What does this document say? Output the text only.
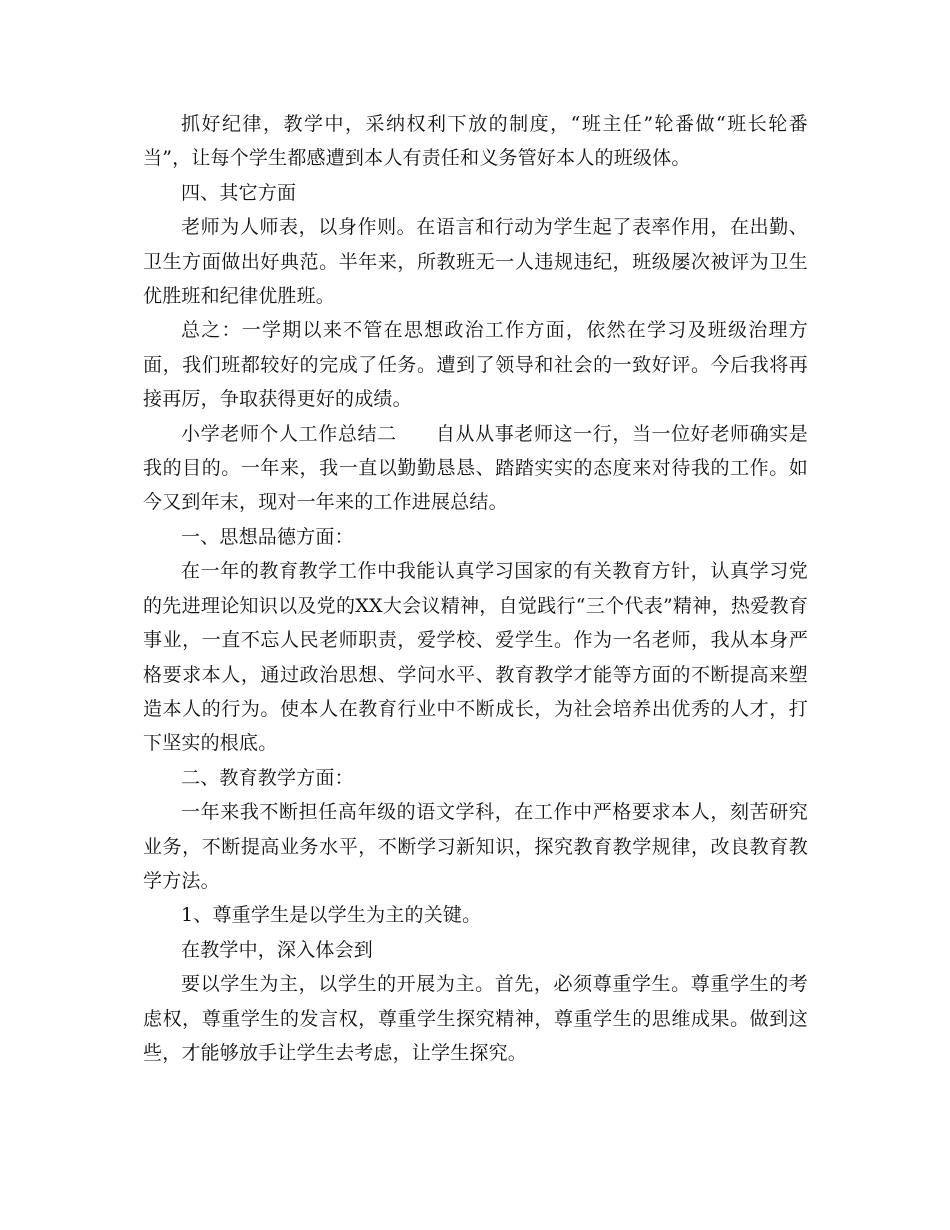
抓好纪律，教学中，采纳权利下放的制度，“班主任”轮番做“班长轮番当”，让每个学生都感遭到本人有责任和义务管好本人的班级体。

四、其它方面

老师为人师表，以身作则。在语言和行动为学生起了表率作用，在出勤、卫生方面做出好典范。半年来，所教班无一人违规违纪，班级屡次被评为卫生优胜班和纪律优胜班。

总之：一学期以来不管在思想政治工作方面，依然在学习及班级治理方面，我们班都较好的完成了任务。遭到了领导和社会的一致好评。今后我将再接再厉，争取获得更好的成绩。

小学老师个人工作总结二　　自从从事老师这一行，当一位好老师确实是我的目的。一年来，我一直以勤勤恳恳、踏踏实实的态度来对待我的工作。如今又到年末，现对一年来的工作进展总结。

一、思想品德方面：

在一年的教育教学工作中我能认真学习国家的有关教育方针，认真学习党的先进理论知识以及党的XX大会议精神，自觉践行“三个代表”精神，热爱教育事业，一直不忘人民老师职责，爱学校、爱学生。作为一名老师，我从本身严格要求本人，通过政治思想、学问水平、教育教学才能等方面的不断提高来塑造本人的行为。使本人在教育行业中不断成长，为社会培养出优秀的人才，打下坚实的根底。

二、教育教学方面：

一年来我不断担任高年级的语文学科，在工作中严格要求本人，刻苦研究业务，不断提高业务水平，不断学习新知识，探究教育教学规律，改良教育教学方法。

1、尊重学生是以学生为主的关键。

在教学中，深入体会到

要以学生为主，以学生的开展为主。首先，必须尊重学生。尊重学生的考虑权，尊重学生的发言权，尊重学生探究精神，尊重学生的思维成果。做到这些，才能够放手让学生去考虑，让学生探究。
